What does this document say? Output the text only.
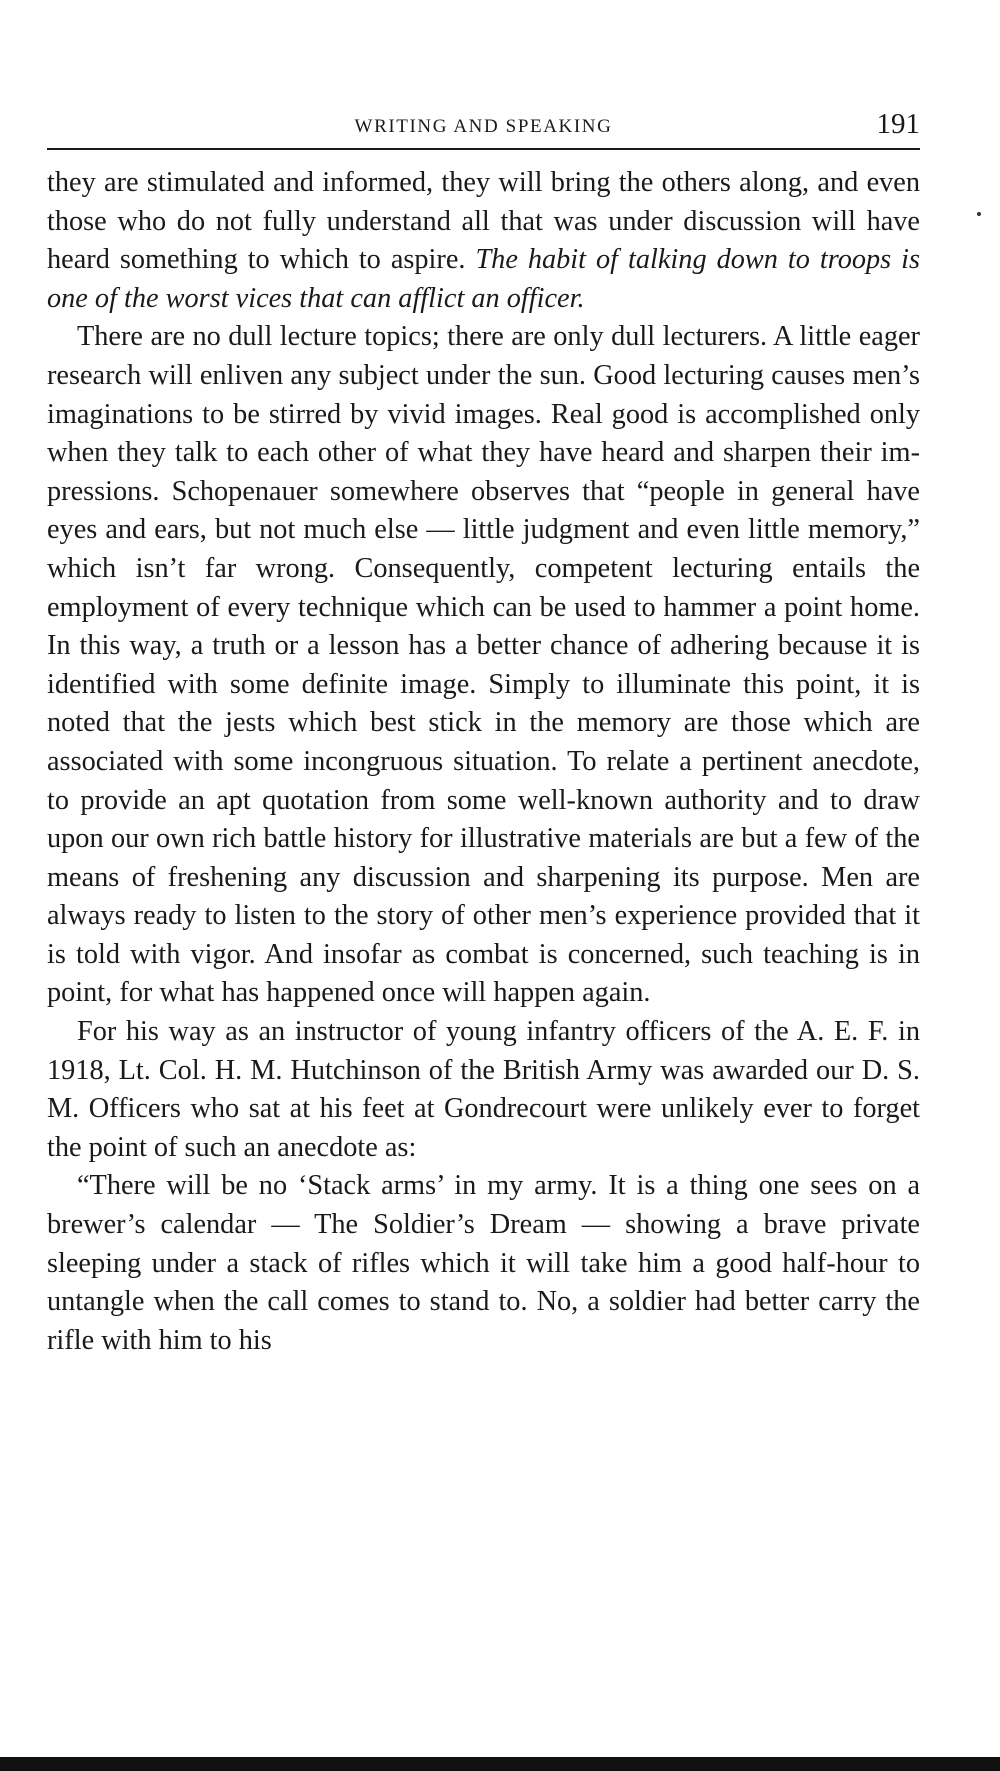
WRITING AND SPEAKING	191

they are stimulated and informed, they will bring the others along, and even those who do not fully understand all that was under discussion will have heard something to which to aspire. The habit of talking down to troops is one of the worst vices that can afflict an officer.

There are no dull lecture topics; there are only dull lecturers. A little eager research will enliven any subject under the sun. Good lecturing causes men’s imaginations to be stirred by vivid images. Real good is accomplished only when they talk to each other of what they have heard and sharpen their impressions. Schopenauer somewhere observes that “people in general have eyes and ears, but not much else — little judgment and even little memory,” which isn’t far wrong. Consequently, competent lecturing entails the employment of every technique which can be used to hammer a point home. In this way, a truth or a lesson has a better chance of adhering because it is identified with some definite image. Simply to illuminate this point, it is noted that the jests which best stick in the memory are those which are associated with some incongruous situation. To relate a pertinent anecdote, to provide an apt quotation from some well-known authority and to draw upon our own rich battle history for illustrative materials are but a few of the means of freshening any discussion and sharpening its purpose. Men are always ready to listen to the story of other men’s experience provided that it is told with vigor. And insofar as combat is concerned, such teaching is in point, for what has happened once will happen again.

For his way as an instructor of young infantry officers of the A. E. F. in 1918, Lt. Col. H. M. Hutchinson of the British Army was awarded our D. S. M. Officers who sat at his feet at Gondrecourt were unlikely ever to forget the point of such an anecdote as:

“There will be no ‘Stack arms’ in my army. It is a thing one sees on a brewer’s calendar — The Soldier’s Dream — showing a brave private sleeping under a stack of rifles which it will take him a good half-hour to untangle when the call comes to stand to. No, a soldier had better carry the rifle with him to his
